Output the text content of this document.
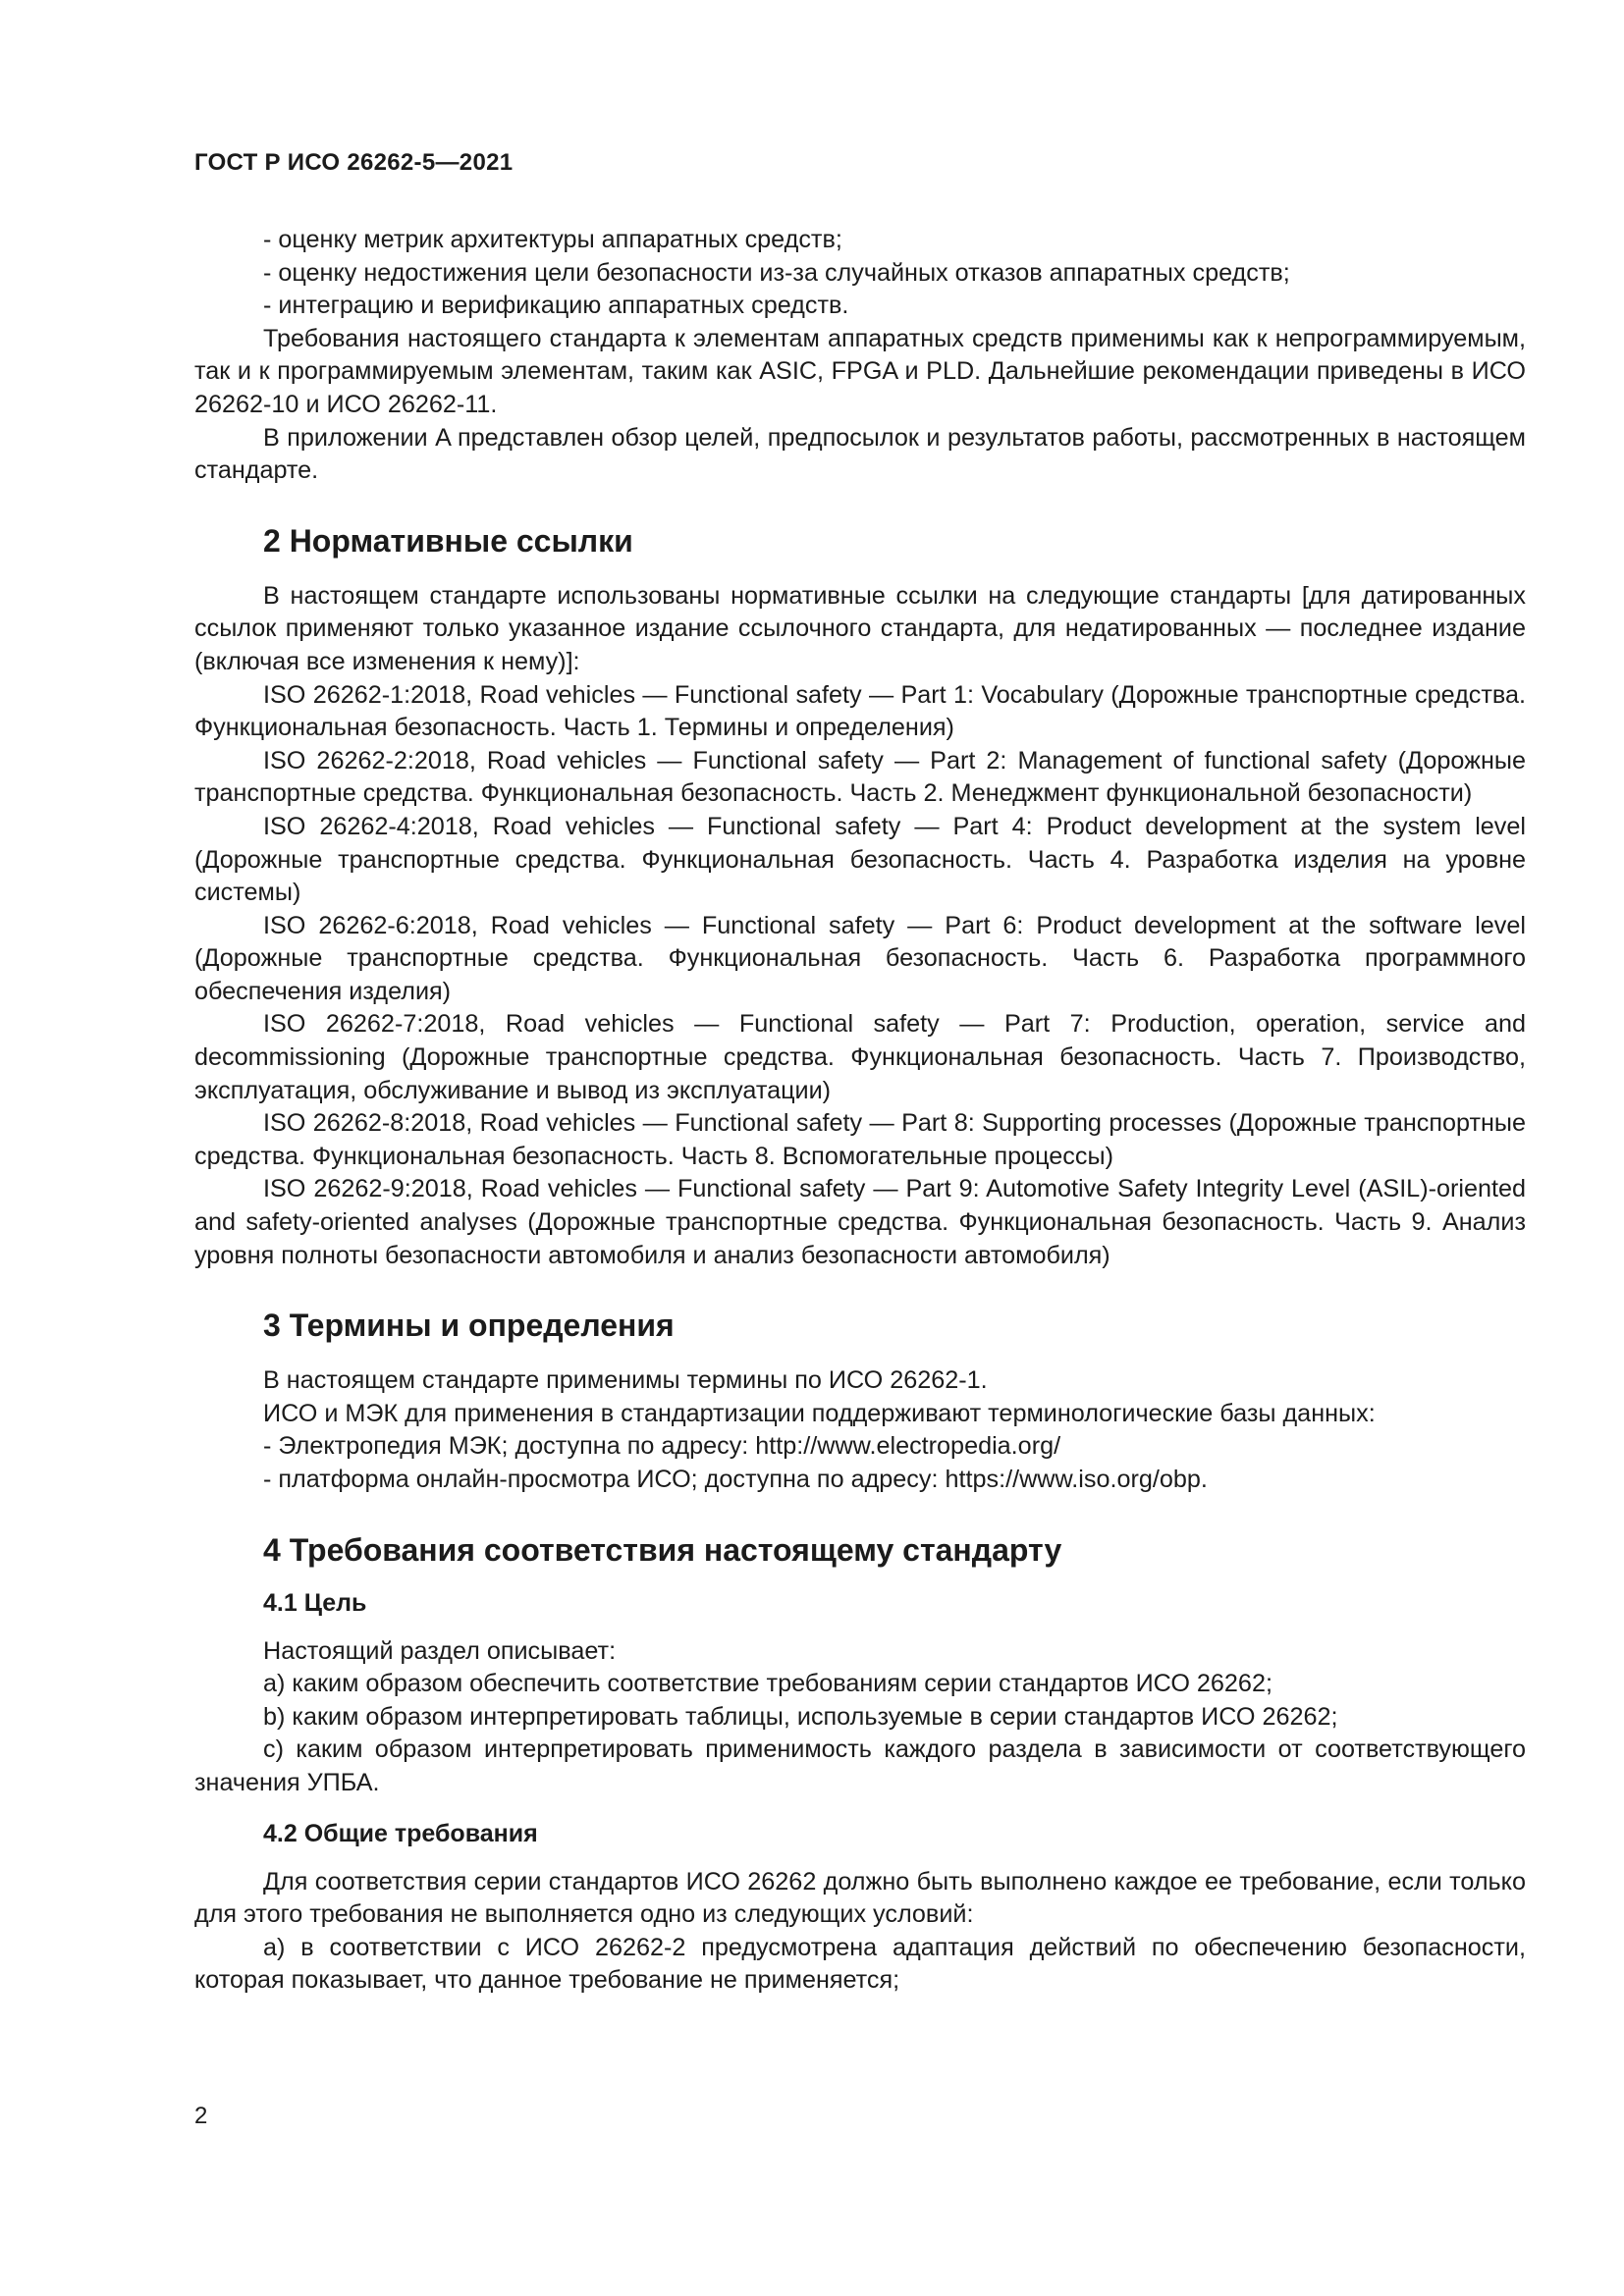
ГОСТ Р ИСО 26262-5—2021

- оценку метрик архитектуры аппаратных средств;

- оценку недостижения цели безопасности из-за случайных отказов аппаратных средств;

- интеграцию и верификацию аппаратных средств.

Требования настоящего стандарта к элементам аппаратных средств применимы как к непрограммируемым, так и к программируемым элементам, таким как ASIC, FPGA и PLD. Дальнейшие рекомендации приведены в ИСО 26262-10 и ИСО 26262-11.

В приложении A представлен обзор целей, предпосылок и результатов работы, рассмотренных в настоящем стандарте.

2 Нормативные ссылки

В настоящем стандарте использованы нормативные ссылки на следующие стандарты [для датированных ссылок применяют только указанное издание ссылочного стандарта, для недатированных — последнее издание (включая все изменения к нему)]:

ISO 26262-1:2018, Road vehicles — Functional safety — Part 1: Vocabulary (Дорожные транспортные средства. Функциональная безопасность. Часть 1. Термины и определения)

ISO 26262-2:2018, Road vehicles — Functional safety — Part 2: Management of functional safety (Дорожные транспортные средства. Функциональная безопасность. Часть 2. Менеджмент функциональной безопасности)

ISO 26262-4:2018, Road vehicles — Functional safety — Part 4: Product development at the system level (Дорожные транспортные средства. Функциональная безопасность. Часть 4. Разработка изделия на уровне системы)

ISO 26262-6:2018, Road vehicles — Functional safety — Part 6: Product development at the software level (Дорожные транспортные средства. Функциональная безопасность. Часть 6. Разработка программного обеспечения изделия)

ISO 26262-7:2018, Road vehicles — Functional safety — Part 7: Production, operation, service and decommissioning (Дорожные транспортные средства. Функциональная безопасность. Часть 7. Производство, эксплуатация, обслуживание и вывод из эксплуатации)

ISO 26262-8:2018, Road vehicles — Functional safety — Part 8: Supporting processes (Дорожные транспортные средства. Функциональная безопасность. Часть 8. Вспомогательные процессы)

ISO 26262-9:2018, Road vehicles — Functional safety — Part 9: Automotive Safety Integrity Level (ASIL)-oriented and safety-oriented analyses (Дорожные транспортные средства. Функциональная безопасность. Часть 9. Анализ уровня полноты безопасности автомобиля и анализ безопасности автомобиля)

3 Термины и определения

В настоящем стандарте применимы термины по ИСО 26262-1.

ИСО и МЭК для применения в стандартизации поддерживают терминологические базы данных:

- Электропедия МЭК; доступна по адресу: http://www.electropedia.org/

- платформа онлайн-просмотра ИСО; доступна по адресу: https://www.iso.org/obp.

4 Требования соответствия настоящему стандарту
4.1 Цель

Настоящий раздел описывает:

a) каким образом обеспечить соответствие требованиям серии стандартов ИСО 26262;

b) каким образом интерпретировать таблицы, используемые в серии стандартов ИСО 26262;

c) каким образом интерпретировать применимость каждого раздела в зависимости от соответствующего значения УПБА.

4.2 Общие требования

Для соответствия серии стандартов ИСО 26262 должно быть выполнено каждое ее требование, если только для этого требования не выполняется одно из следующих условий:

a) в соответствии с ИСО 26262-2 предусмотрена адаптация действий по обеспечению безопасности, которая показывает, что данное требование не применяется;

2
